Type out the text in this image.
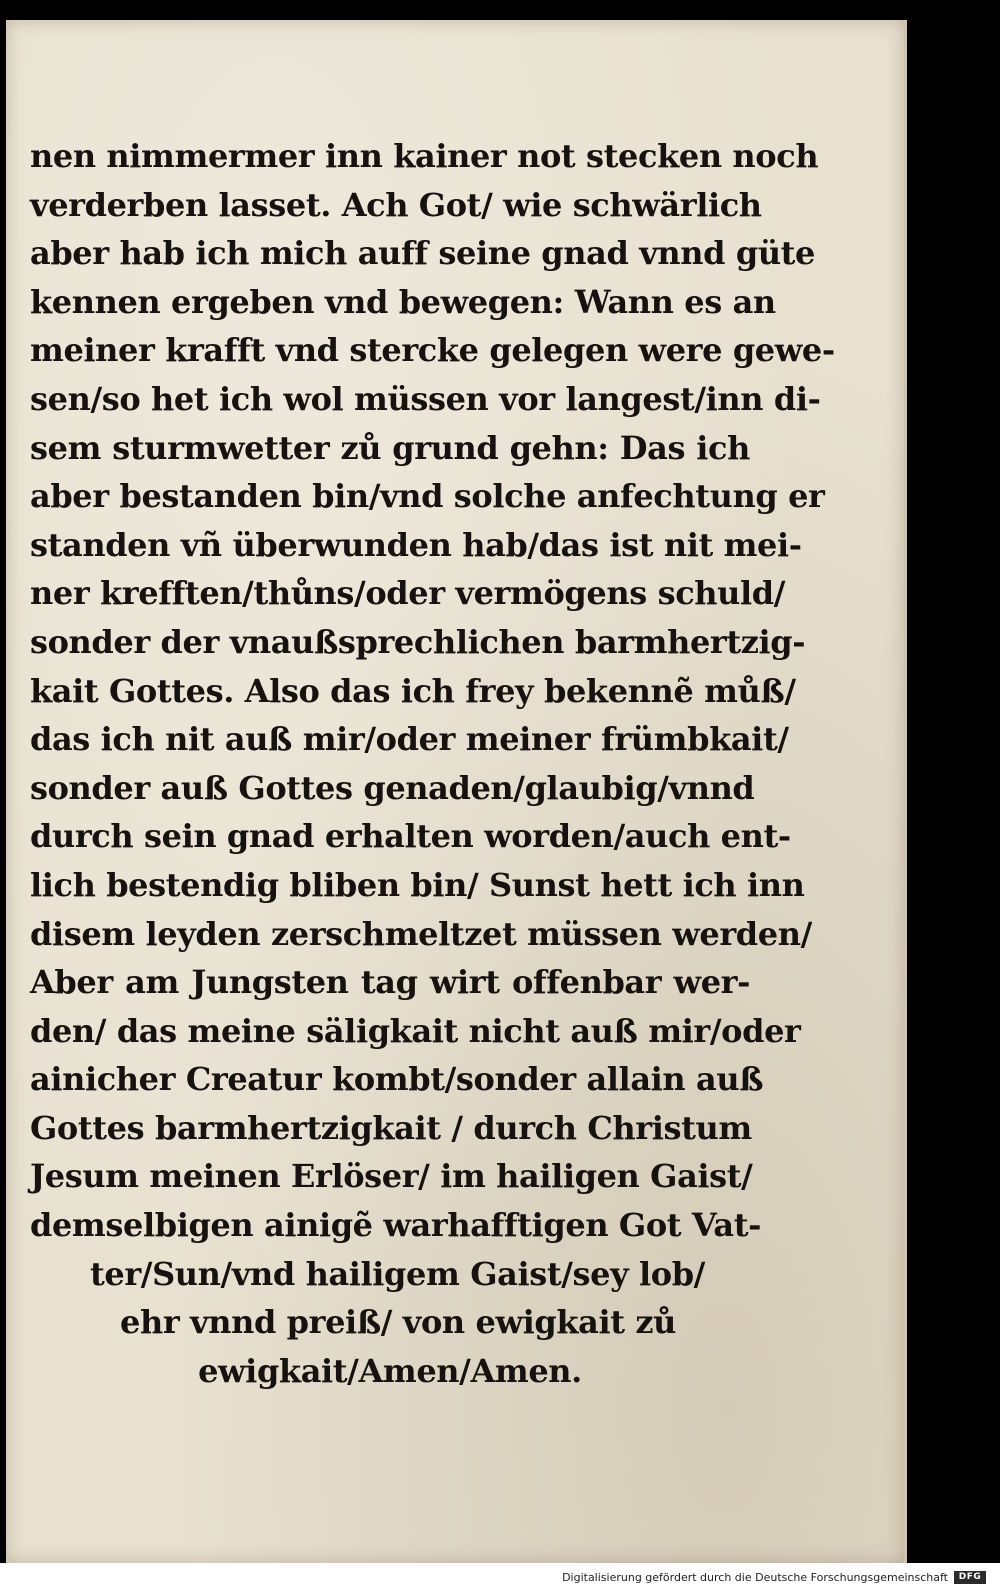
nen nimmermer inn kainer not stecken noch
verderben lasset. Ach Got/ wie schwärlich
aber hab ich mich auff seine gnad vnnd güte
kennen ergeben vnd bewegen: Wann es an
meiner krafft vnd stercke gelegen were gewe-
sen/so het ich wol müssen vor langest/inn di-
sem sturmwetter zů grund gehn: Das ich
aber bestanden bin/vnd solche anfechtung er
standen vñ überwunden hab/das ist nit mei-
ner krefften/thůns/oder vermögens schuld/
sonder der vnaußsprechlichen barmhertzig-
kait Gottes. Also das ich frey bekennẽ můß/
das ich nit auß mir/oder meiner frümbkait/
sonder auß Gottes genaden/glaubig/vnnd
durch sein gnad erhalten worden/auch ent-
lich bestendig bliben bin/ Sunst hett ich inn
disem leyden zerschmeltzet müssen werden/
Aber am Jungsten tag wirt offenbar wer-
den/ das meine säligkait nicht auß mir/oder
ainicher Creatur kombt/sonder allain auß
Gottes barmhertzigkait / durch Christum
Jesum meinen Erlöser/ im hailigen Gaist/
demselbigen ainigẽ warhafftigen Got Vat-
ter/Sun/vnd hailigem Gaist/sey lob/
ehr vnnd preiß/ von ewigkait zů
ewigkait/Amen/Amen.
Digitalisierung gefördert durch die Deutsche Forschungsgemeinschaft	DFG
